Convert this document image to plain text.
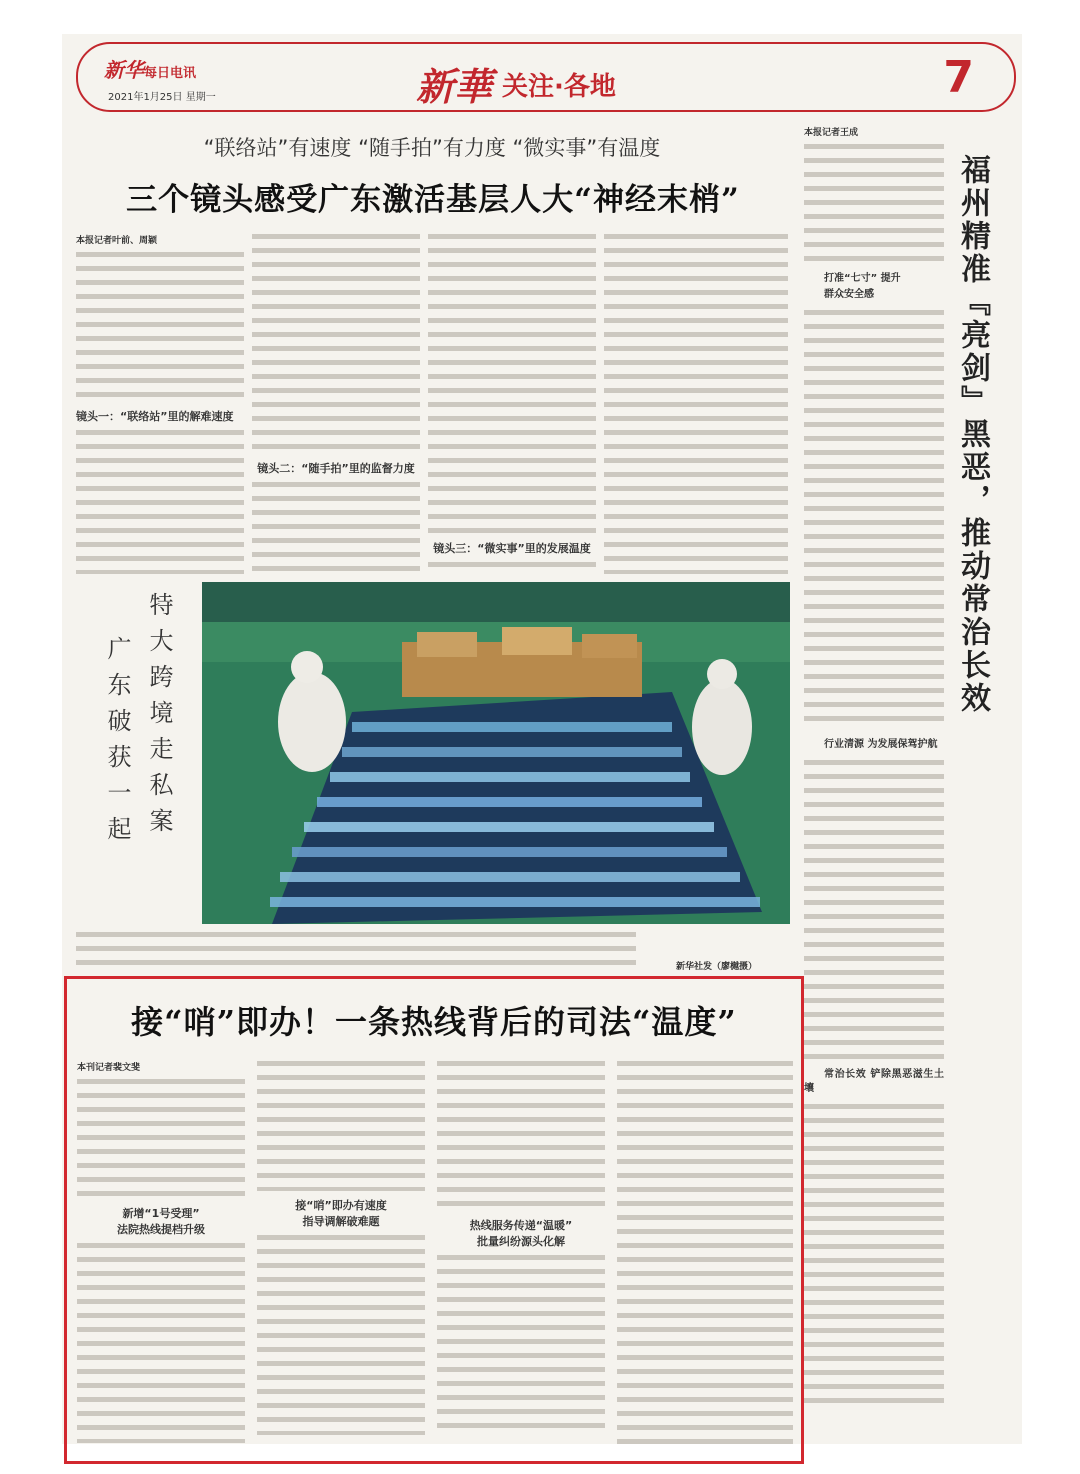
新华每日电讯
2021年1月25日 星期一	新華 关注·各地	7
“联络站”有速度 “随手拍”有力度 “微实事”有温度
三个镜头感受广东激活基层人大“神经末梢”

本报记者叶前、周颖

镜头一：“联络站”里的解难速度
镜头二：“随手拍”里的监督力度
镜头三：“微实事”里的发展温度
特大跨境走私案
广东破获一起
新华社发（廖樾摄）
接“哨”即办！一条热线背后的司法“温度”

本刊记者裴文斐

新增“1号受理”
法院热线提档升级
接“哨”即办有速度
指导调解破难题	热线服务传递“温暖”
批量纠纷源头化解

本报记者王成

打准“七寸” 提升

群众安全感

行业清源 为发展保驾护航

常治长效 铲除黑恶滋生土壤

福州精准『亮剑』黑恶，推动常治长效
